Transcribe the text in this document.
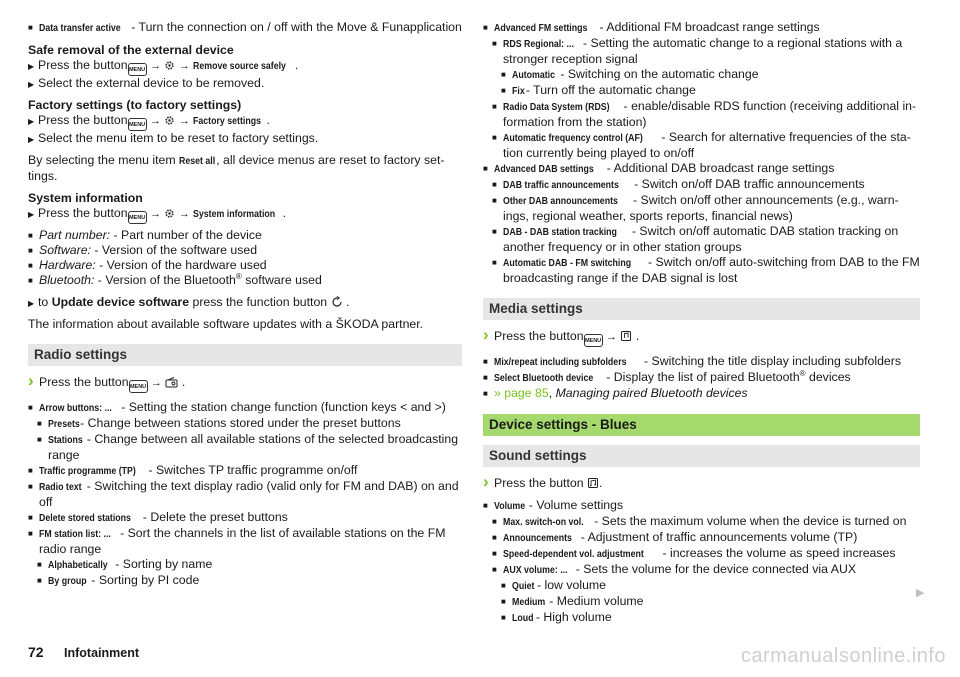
■ Data transfer active - Turn the connection on / off with the Move & Funapplication

Safe removal of the external device

▶ Press the buttonMENU → → Remove source safely .

▶ Select the external device to be removed.

Factory settings (to factory settings)

▶ Press the buttonMENU → → Factory settings .

▶ Select the menu item to be reset to factory settings.

By selecting the menu item Reset all, all device menus are reset to factory settings.

System information

▶ Press the buttonMENU → → System information .

■ Part number: - Part number of the device

■ Software: - Version of the software used

■ Hardware: - Version of the hardware used

■ Bluetooth: - Version of the Bluetooth® software used

▶ to Update device software press the function button  .

The information about available software updates with a ŠKODA partner.

Radio settings

› Press the buttonMENU →  .

■ Arrow buttons: ... - Setting the station change function (function keys < and >)

■ Presets- Change between stations stored under the preset buttons

■ Stations - Change between all available stations of the selected broadcasting range

■ Traffic programme (TP) - Switches TP traffic programme on/off

■ Radio text - Switching the text display radio (valid only for FM and DAB) on and off

■ Delete stored stations - Delete the preset buttons

■ FM station list: ... - Sort the channels in the list of available stations on the FM radio range

■ Alphabetically - Sorting by name

■ By group - Sorting by PI code

■ Advanced FM settings - Additional FM broadcast range settings

■ RDS Regional: ... - Setting the automatic change to a regional stations with a stronger reception signal

■ Automatic - Switching on the automatic change

■ Fix - Turn off the automatic change

■ Radio Data System (RDS) - enable/disable RDS function (receiving additional information from the station)

■ Automatic frequency control (AF) - Search for alternative frequencies of the station currently being played to on/off

■ Advanced DAB settings - Additional DAB broadcast range settings

■ DAB traffic announcements - Switch on/off DAB traffic announcements

■ Other DAB announcements - Switch on/off other announcements (e.g., warnings, regional weather, sports reports, financial news)

■ DAB - DAB station tracking - Switch on/off automatic DAB station tracking on another frequency or in other station groups

■ Automatic DAB - FM switching - Switch on/off auto-switching from DAB to the FM broadcasting range if the DAB signal is lost

Media settings

› Press the buttonMENU →  .

■ Mix/repeat including subfolders - Switching the title display including subfolders

■ Select Bluetooth device - Display the list of paired Bluetooth® devices

■ » page 85, Managing paired Bluetooth devices

Device settings - Blues
Sound settings

› Press the button .

■ Volume - Volume settings

■ Max. switch-on vol. - Sets the maximum volume when the device is turned on

■ Announcements - Adjustment of traffic announcements volume (TP)

■ Speed-dependent vol. adjustment - increases the volume as speed increases

■ AUX volume: ... - Sets the volume for the device connected via AUX

■ Quiet - low volume

■ Medium - Medium volume

■ Loud - High volume

▶
72 Infotainment	carmanualsonline.info
